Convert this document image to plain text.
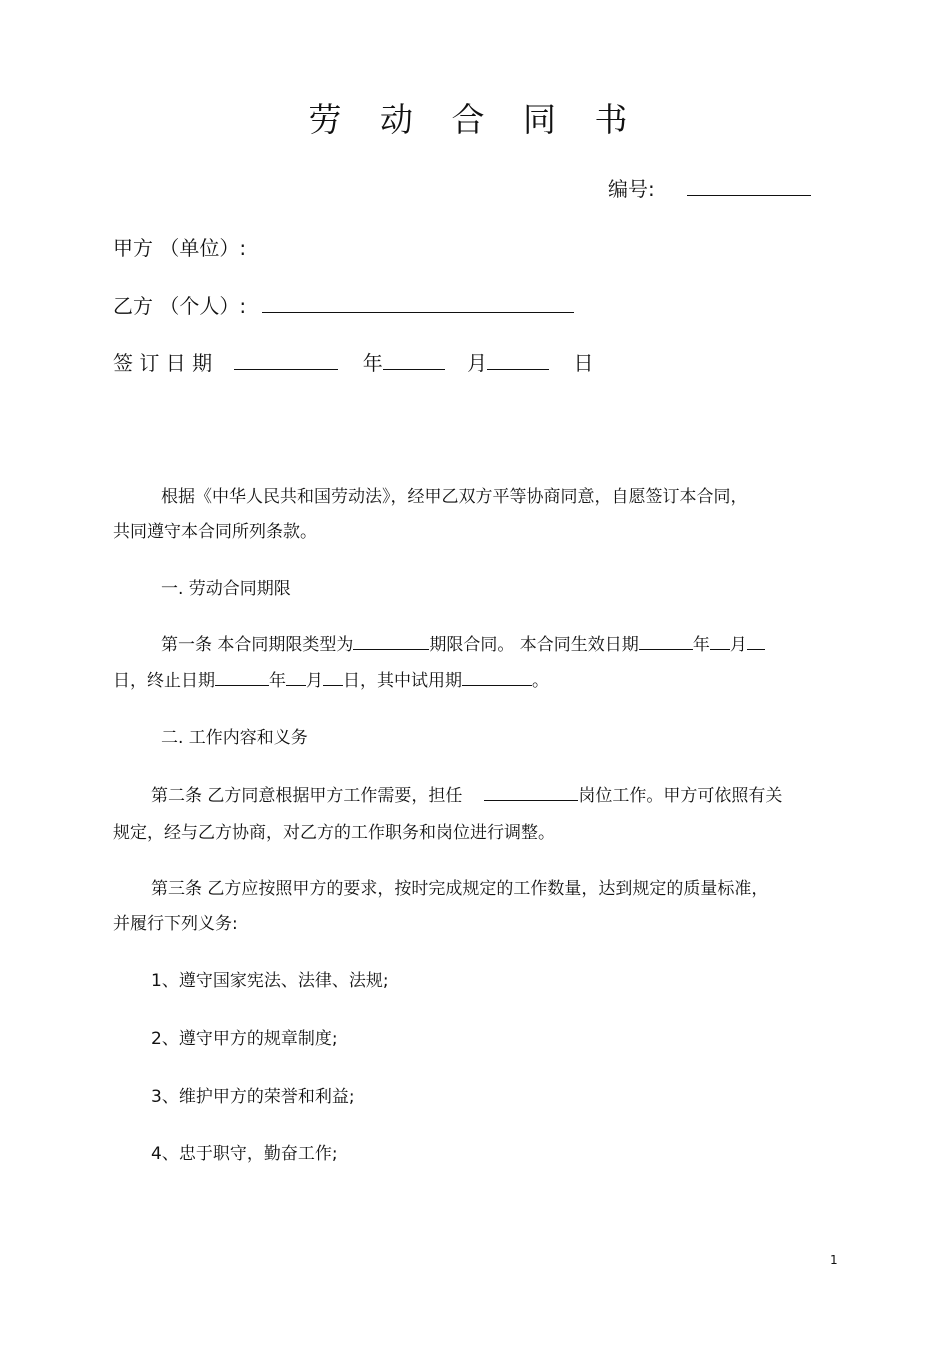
劳 动 合 同 书
编号:
甲方 （单位）:
乙方 （个人）:
签 订 日 期	年	月	日
根据《中华人民共和国劳动法》，经甲乙双方平等协商同意，自愿签订本合同，
共同遵守本合同所列条款。
一. 劳动合同期限
第一条 本合同期限类型为	期限合同。 本合同生效日期	年 月
日，终止日期	年 月 日，其中试用期	。
二. 工作内容和义务
第二条 乙方同意根据甲方工作需要，担任	岗位工作。甲方可依照有关
规定，经与乙方协商，对乙方的工作职务和岗位进行调整。
第三条 乙方应按照甲方的要求，按时完成规定的工作数量，达到规定的质量标准，
并履行下列义务:
1、遵守国家宪法、法律、法规;
2、遵守甲方的规章制度;
3、维护甲方的荣誉和利益;
4、忠于职守，勤奋工作;
1
